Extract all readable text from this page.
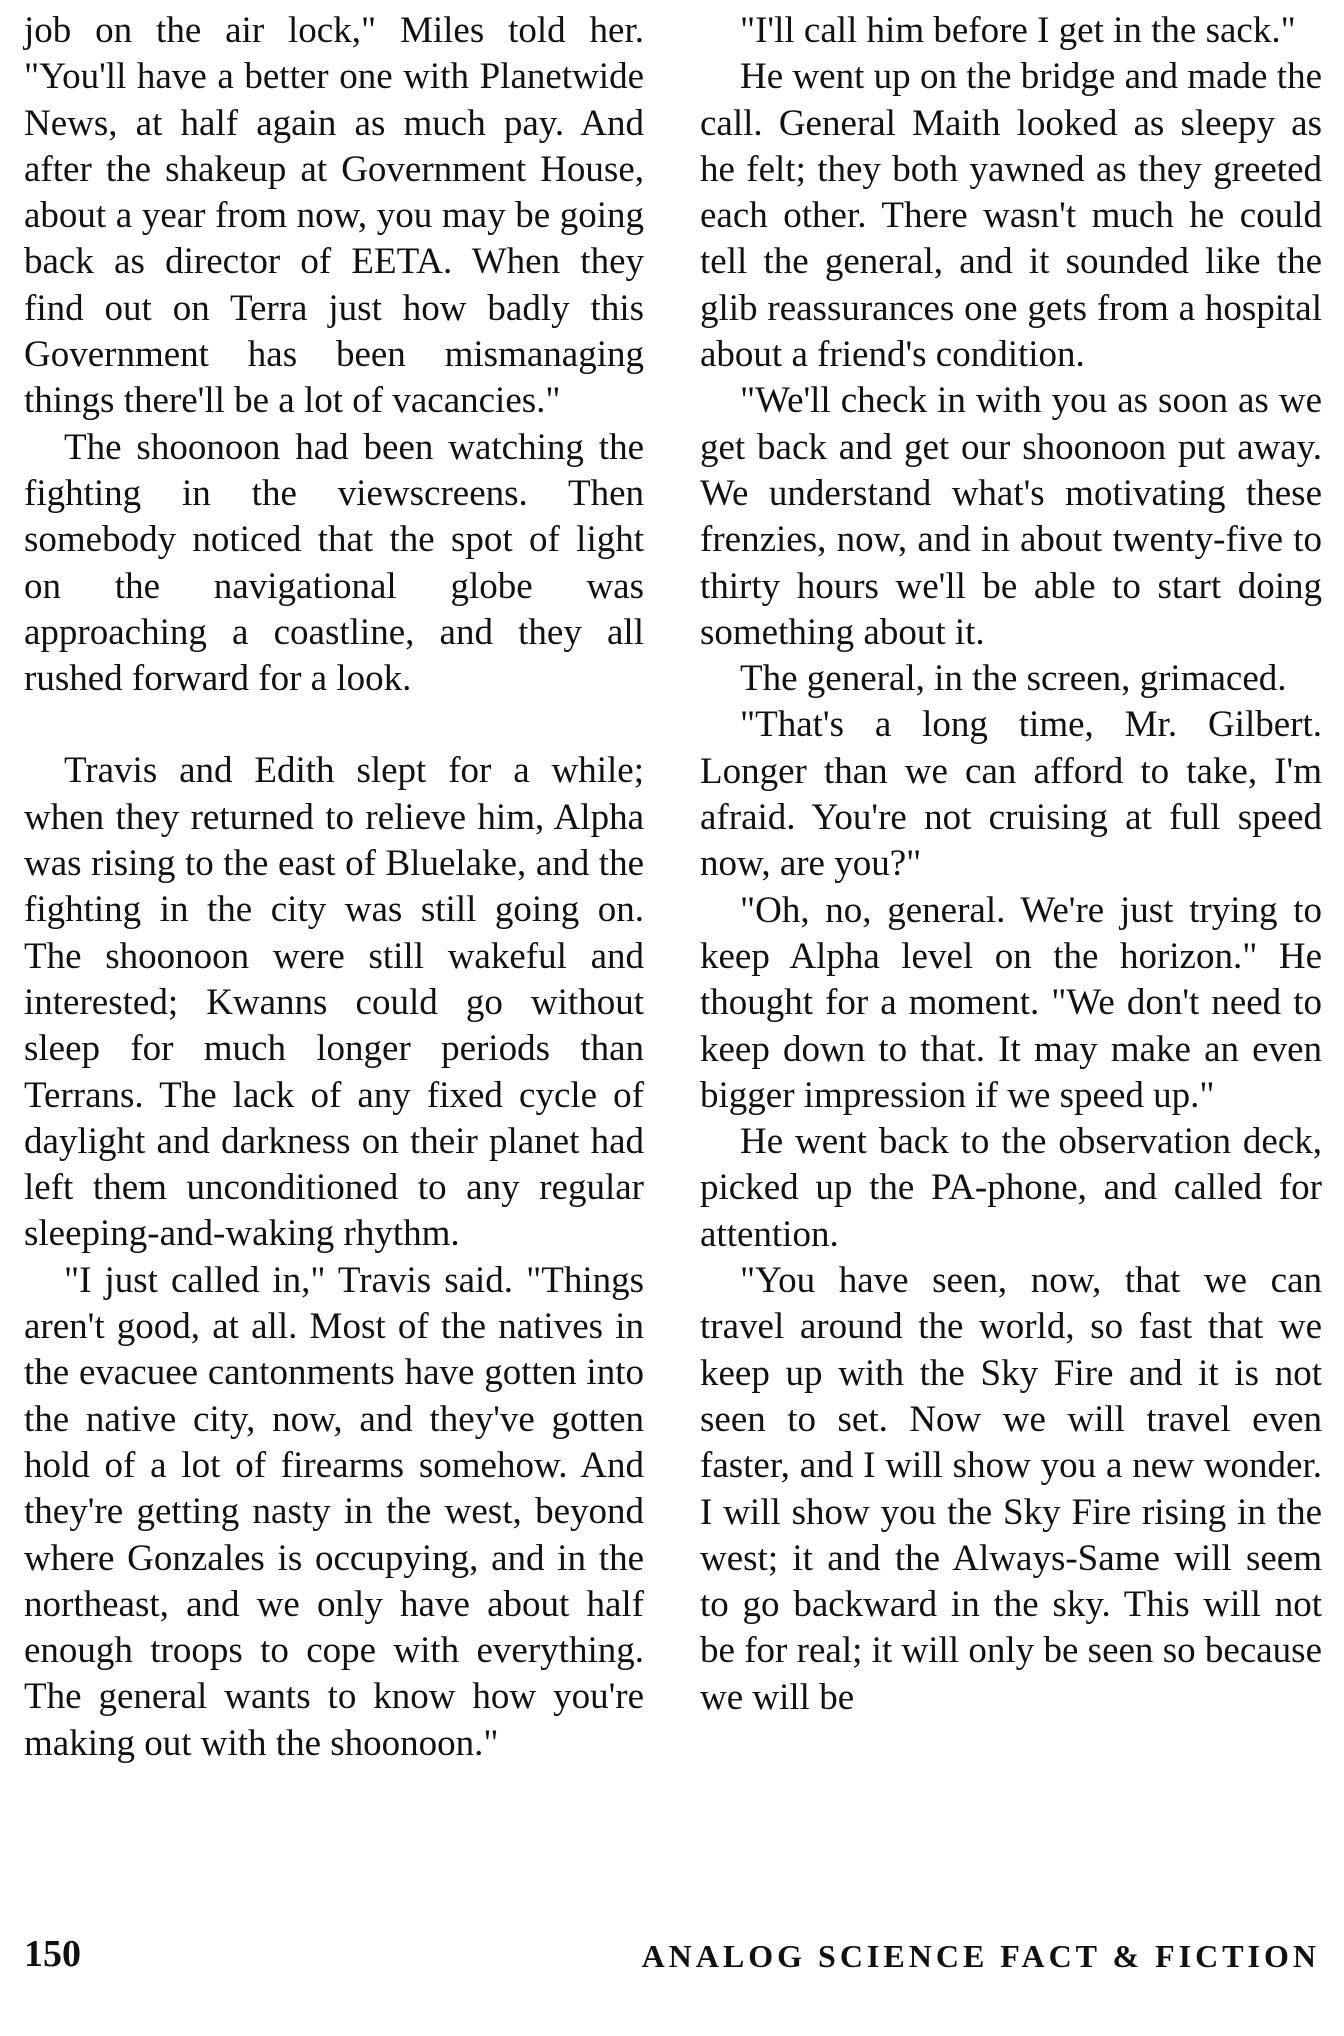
job on the air lock," Miles told her. "You'll have a better one with Planetwide News, at half again as much pay. And after the shakeup at Government House, about a year from now, you may be going back as director of EETA. When they find out on Terra just how badly this Government has been mismanaging things there'll be a lot of vacancies."

The shoonoon had been watching the fighting in the viewscreens. Then somebody noticed that the spot of light on the navigational globe was approaching a coastline, and they all rushed forward for a look.

Travis and Edith slept for a while; when they returned to relieve him, Alpha was rising to the east of Bluelake, and the fighting in the city was still going on. The shoonoon were still wakeful and interested; Kwanns could go without sleep for much longer periods than Terrans. The lack of any fixed cycle of daylight and darkness on their planet had left them unconditioned to any regular sleeping-and-waking rhythm.

"I just called in," Travis said. "Things aren't good, at all. Most of the natives in the evacuee cantonments have gotten into the native city, now, and they've gotten hold of a lot of firearms somehow. And they're getting nasty in the west, beyond where Gonzales is occupying, and in the northeast, and we only have about half enough troops to cope with everything. The general wants to know how you're making out with the shoonoon."

"I'll call him before I get in the sack."

He went up on the bridge and made the call. General Maith looked as sleepy as he felt; they both yawned as they greeted each other. There wasn't much he could tell the general, and it sounded like the glib reassurances one gets from a hospital about a friend's condition.

"We'll check in with you as soon as we get back and get our shoonoon put away. We understand what's motivating these frenzies, now, and in about twenty-five to thirty hours we'll be able to start doing something about it.

The general, in the screen, grimaced.

"That's a long time, Mr. Gilbert. Longer than we can afford to take, I'm afraid. You're not cruising at full speed now, are you?"

"Oh, no, general. We're just trying to keep Alpha level on the horizon." He thought for a moment. "We don't need to keep down to that. It may make an even bigger impression if we speed up."

He went back to the observation deck, picked up the PA-phone, and called for attention.

"You have seen, now, that we can travel around the world, so fast that we keep up with the Sky Fire and it is not seen to set. Now we will travel even faster, and I will show you a new wonder. I will show you the Sky Fire rising in the west; it and the Always-Same will seem to go backward in the sky. This will not be for real; it will only be seen so because we will be

150	ANALOG SCIENCE FACT & FICTION
